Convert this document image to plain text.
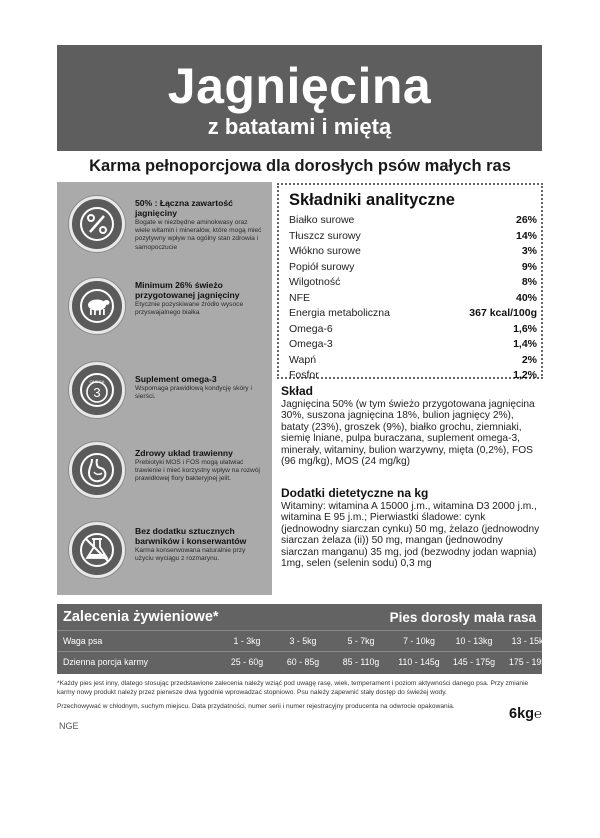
Jagnięcina
z batatami i miętą
Karma pełnoporcjowa dla dorosłych psów małych ras
50% : Łączna zawartość jagnięciny
Bogate w niezbędne aminokwasy oraz wiele witamin i minerałów, które mogą mieć pozytywny wpływ na ogólny stan zdrowia i samopoczucie
Minimum 26% świeżo przygotowanej jagnięciny
Etycznie pozyskiwane źródło wysoce przyswajalnego białka
OMEGA
3
Suplement omega-3
Wspomaga prawidłową kondycję skóry i sierści.
Zdrowy układ trawienny
Prebiotyki MOS i FOS mogą ułatwiać trawienie i mieć korzystny wpływ na rozwój prawidłowej flory bakteryjnej jelit.
Bez dodatku sztucznych barwników i konserwantów
Karma konserwowana naturalnie przy użyciu wyciągu z rozmarynu.
Składniki analityczne
Białko surowe	26%
Tłuszcz surowy	14%
Włókno surowe	3%
Popiół surowy	9%
Wilgotność	8%
NFE	40%
Energia metaboliczna	367 kcal/100g
Omega-6	1,6%
Omega-3	1,4%
Wapń	2%
Fosfor	1,2%
Skład

Jagnięcina 50% (w tym świeżo przygotowana jagnięcina 30%, suszona jagnięcina 18%, bulion jagnięcy 2%), bataty (23%), groszek (9%), białko grochu, ziemniaki, siemię lniane, pulpa buraczana, suplement omega-3, minerały, witaminy, bulion warzywny, mięta (0,2%), FOS (96 mg/kg), MOS (24 mg/kg)

Dodatki dietetyczne na kg

Witaminy: witamina A 15000 j.m., witamina D3 2000 j.m., witamina E 95 j.m.; Pierwiastki śladowe: cynk (jednowodny siarczan cynku) 50 mg, żelazo (jednowodny siarczan żelaza (ii)) 50 mg, mangan (jednowodny siarczan manganu) 35 mg, jod (bezwodny jodan wapnia) 1mg, selen (selenin sodu) 0,3 mg

Zalecenia żywieniowe*	Pies dorosły mała rasa
Waga psa	1 - 3kg	3 - 5kg	5 - 7kg	7 - 10kg	10 - 13kg	13 - 15kg
Dzienna porcja karmy	25 - 60g	60 - 85g	85 - 110g	110 - 145g	145 - 175g	175 - 195g

*Każdy pies jest inny, dlatego stosując przedstawione zalecenia należy wziąć pod uwagę rasę, wiek, temperament i poziom aktywności danego psa. Przy zmianie karmy nowy produkt należy przez pierwsze dwa tygodnie wprowadzać stopniowo. Psu należy zapewnić stały dostęp do świeżej wody.

Przechowywać w chłodnym, suchym miejscu. Data przydatności, numer serii i numer rejestracyjny producenta na odwrocie opakowania.	6kg℮
NGE
